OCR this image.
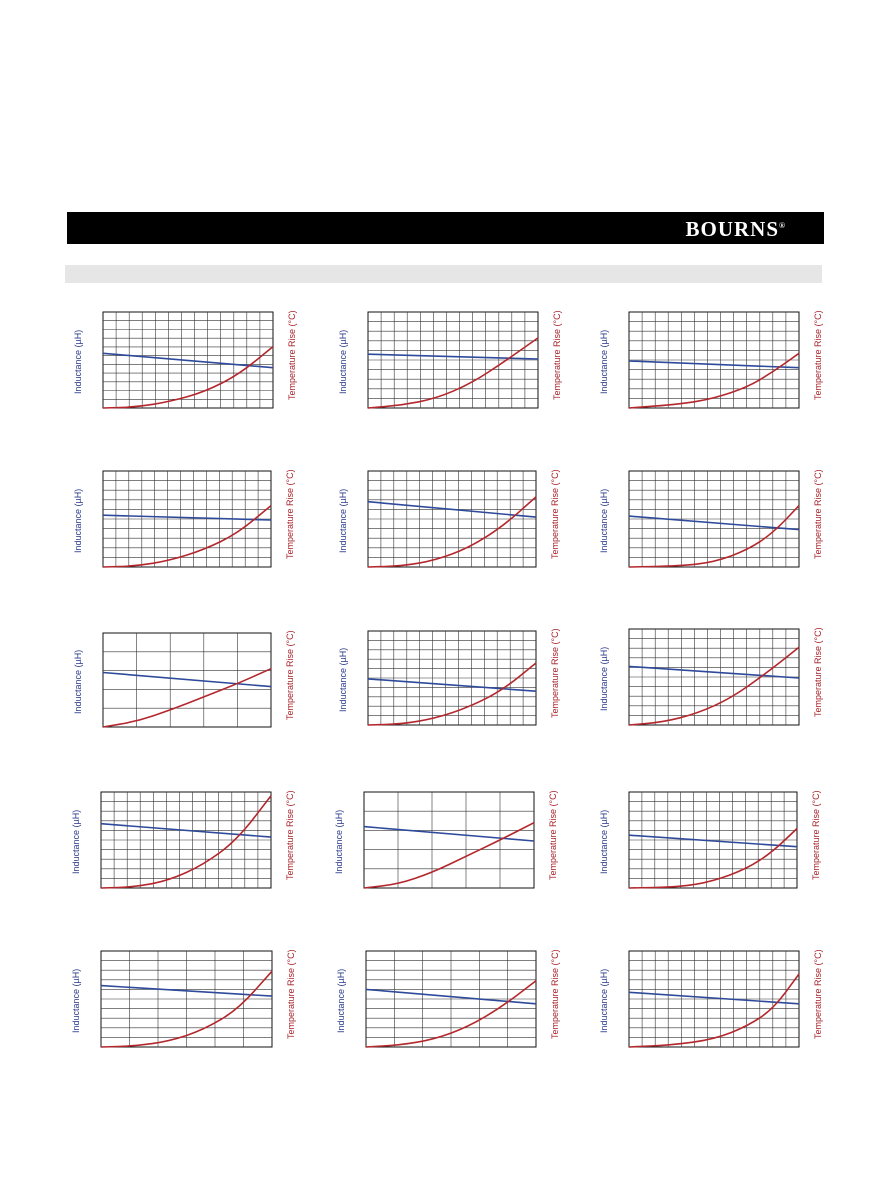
BOURNS®
Inductance (µH)	Temperature Rise (°C)	Inductance (µH)	Temperature Rise (°C)	Inductance (µH)	Temperature Rise (°C)
Inductance (µH)	Temperature Rise (°C)	Inductance (µH)	Temperature Rise (°C)	Inductance (µH)	Temperature Rise (°C)
Inductance (µH)	Temperature Rise (°C)	Inductance (µH)	Temperature Rise (°C)	Inductance (µH)	Temperature Rise (°C)
Inductance (µH)	Temperature Rise (°C)	Inductance (µH)	Temperature Rise (°C)	Inductance (µH)	Temperature Rise (°C)
Inductance (µH)	Temperature Rise (°C)	Inductance (µH)	Temperature Rise (°C)	Inductance (µH)	Temperature Rise (°C)
